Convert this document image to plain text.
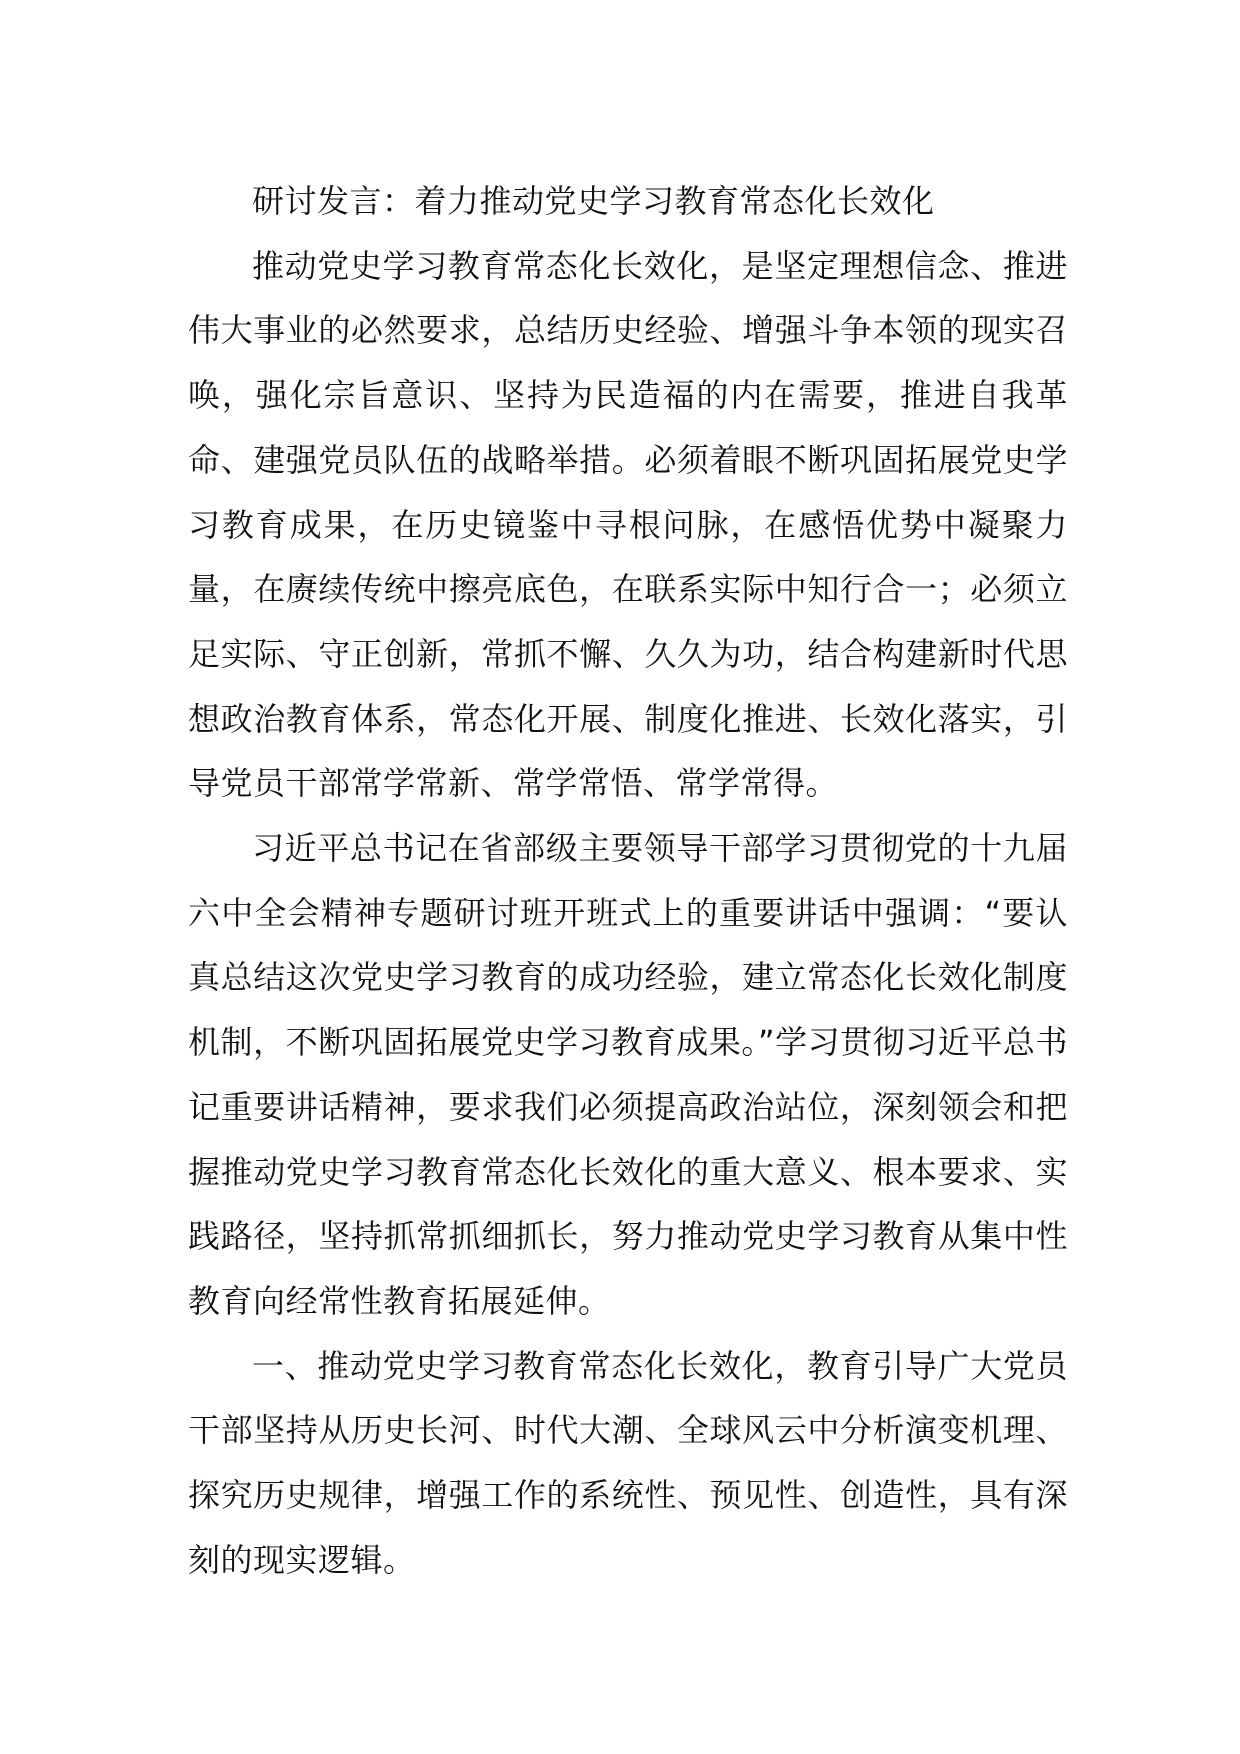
研讨发言：着力推动党史学习教育常态化长效化

推动党史学习教育常态化长效化，是坚定理想信念、推进伟大事业的必然要求，总结历史经验、增强斗争本领的现实召唤，强化宗旨意识、坚持为民造福的内在需要，推进自我革命、建强党员队伍的战略举措。必须着眼不断巩固拓展党史学习教育成果，在历史镜鉴中寻根问脉，在感悟优势中凝聚力量，在赓续传统中擦亮底色，在联系实际中知行合一；必须立足实际、守正创新，常抓不懈、久久为功，结合构建新时代思想政治教育体系，常态化开展、制度化推进、长效化落实，引导党员干部常学常新、常学常悟、常学常得。

习近平总书记在省部级主要领导干部学习贯彻党的十九届六中全会精神专题研讨班开班式上的重要讲话中强调：“要认真总结这次党史学习教育的成功经验，建立常态化长效化制度机制，不断巩固拓展党史学习教育成果。”学习贯彻习近平总书记重要讲话精神，要求我们必须提高政治站位，深刻领会和把握推动党史学习教育常态化长效化的重大意义、根本要求、实践路径，坚持抓常抓细抓长，努力推动党史学习教育从集中性教育向经常性教育拓展延伸。

一、推动党史学习教育常态化长效化，教育引导广大党员干部坚持从历史长河、时代大潮、全球风云中分析演变机理、探究历史规律，增强工作的系统性、预见性、创造性，具有深刻的现实逻辑。
